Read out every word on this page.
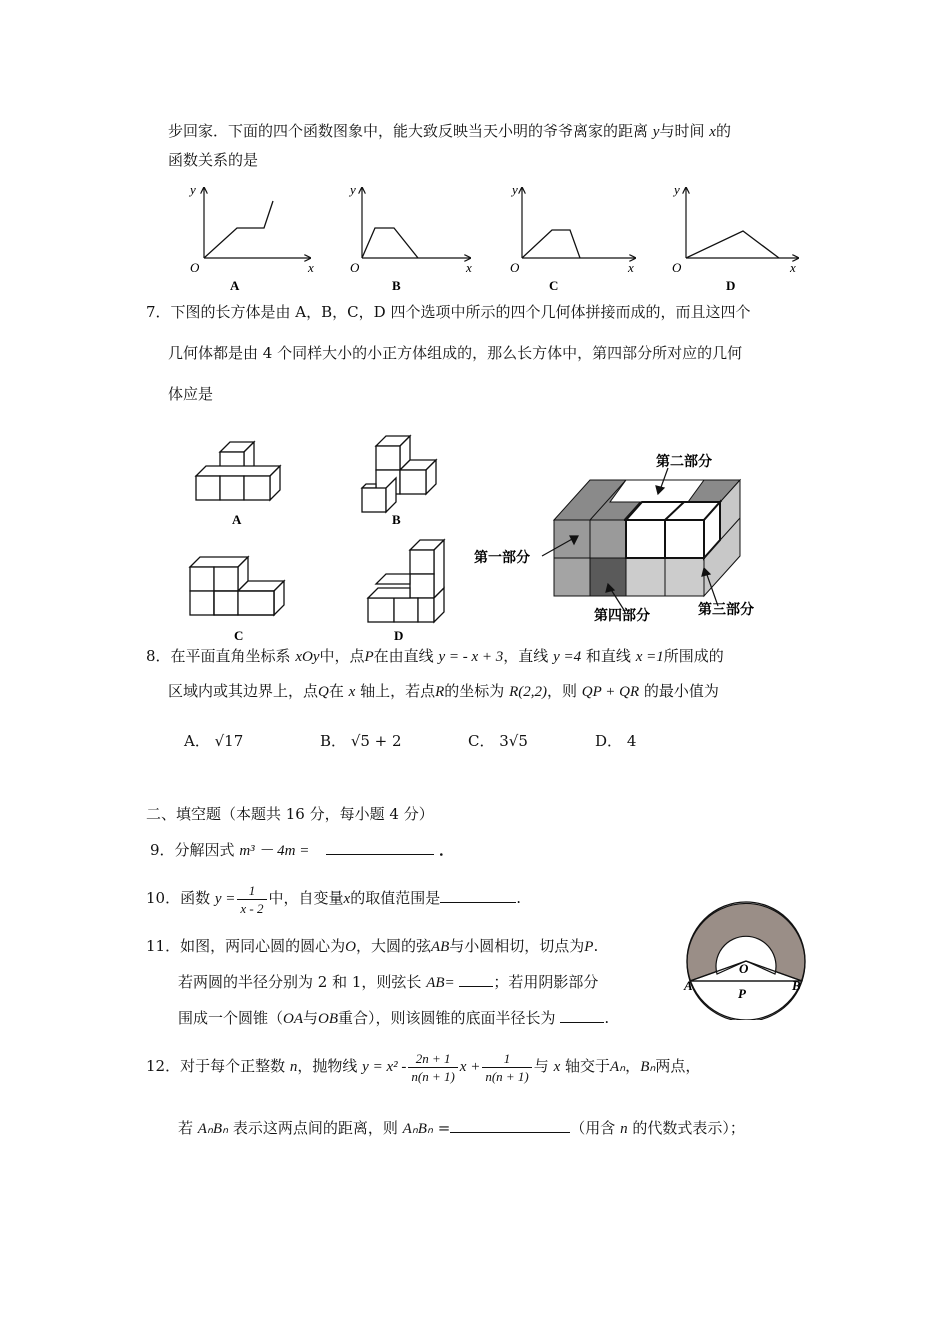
步回家．下面的四个函数图象中，能大致反映当天小明的爷爷离家的距离 y与时间 x的
函数关系的是
y
x
O
A
y
x
O
B
y
x
O
C
y
x
O
D
7．下图的长方体是由 A，B，C，D 四个选项中所示的四个几何体拼接而成的，而且这四个
几何体都是由 4 个同样大小的小正方体组成的，那么长方体中，第四部分所对应的几何
体应是
A	B
C	D
第二部分
第一部分
第三部分
第四部分
8．在平面直角坐标系 xOy中，点P在由直线 y = - x + 3，直线 y =4 和直线 x =1所围成的
区域内或其边界上，点Q在 x 轴上，若点R的坐标为 R(2,2)，则 QP + QR 的最小值为
A． √17	B． √5 + 2	C． 3√5	D． 4
二、填空题（本题共 16 分，每小题 4 分）
9．分解因式 m³ － 4m =	．
10．函数 $y = \frac{1}{x - 2}$ 中，自变量x的取值范围是	.
11．如图，两同心圆的圆心为O，大圆的弦AB与小圆相切，切点为P.
若两圆的半径分别为 2 和 1，则弦长 AB=	；若用阴影部分
围成一个圆锥（OA与OB重合），则该圆锥的底面半径长为	.
O
P
A	B
12．对于每个正整数 n，抛物线 $y = x^2 - \frac{2n + 1}{n(n + 1)}$ $x + \frac{1}{n(n + 1)}$ 与 x 轴交于Aₙ，Bₙ两点，
若 AₙBₙ 表示这两点间的距离，则 AₙBₙ =	（用含 n 的代数式表示）；
